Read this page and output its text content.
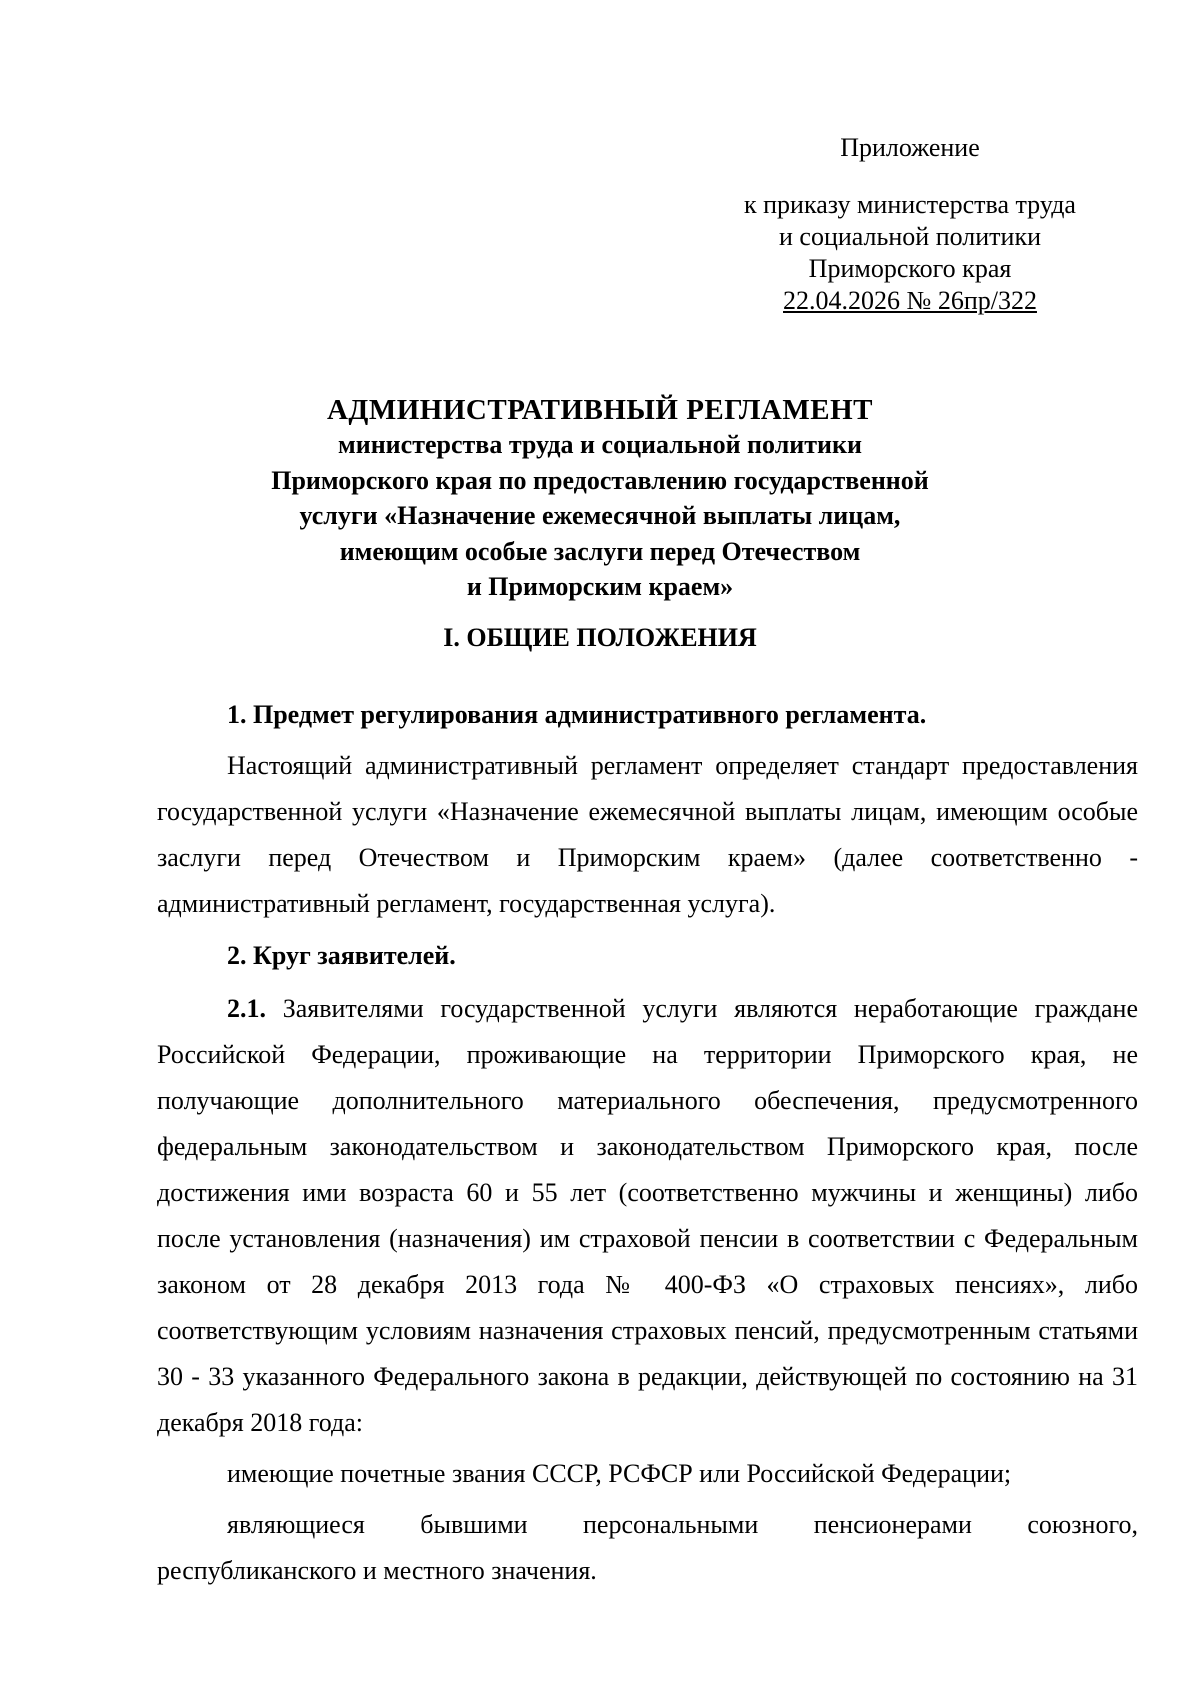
Приложение
к приказу министерства труда
и социальной политики
Приморского края
22.04.2026 № 26пр/322
АДМИНИСТРАТИВНЫЙ РЕГЛАМЕНТ
министерства труда и социальной политики
Приморского края по предоставлению государственной
услуги «Назначение ежемесячной выплаты лицам,
имеющим особые заслуги перед Отечеством
и Приморским краем»
I. ОБЩИЕ ПОЛОЖЕНИЯ

1. Предмет регулирования административного регламента.

Настоящий административный регламент определяет стандарт предоставления государственной услуги «Назначение ежемесячной выплаты лицам, имеющим особые заслуги перед Отечеством и Приморским краем» (далее соответственно - административный регламент, государственная услуга).

2. Круг заявителей.

2.1. Заявителями государственной услуги являются неработающие граждане Российской Федерации, проживающие на территории Приморского края, не получающие дополнительного материального обеспечения, предусмотренного федеральным законодательством и законодательством Приморского края, после достижения ими возраста 60 и 55 лет (соответственно мужчины и женщины) либо после установления (назначения) им страховой пенсии в соответствии с Федеральным законом от 28 декабря 2013 года № 400-ФЗ «О страховых пенсиях», либо соответствующим условиям назначения страховых пенсий, предусмотренным статьями 30 - 33 указанного Федерального закона в редакции, действующей по состоянию на 31 декабря 2018 года:

имеющие почетные звания СССР, РСФСР или Российской Федерации;

являющиеся бывшими персональными пенсионерами союзного, республиканского и местного значения.
